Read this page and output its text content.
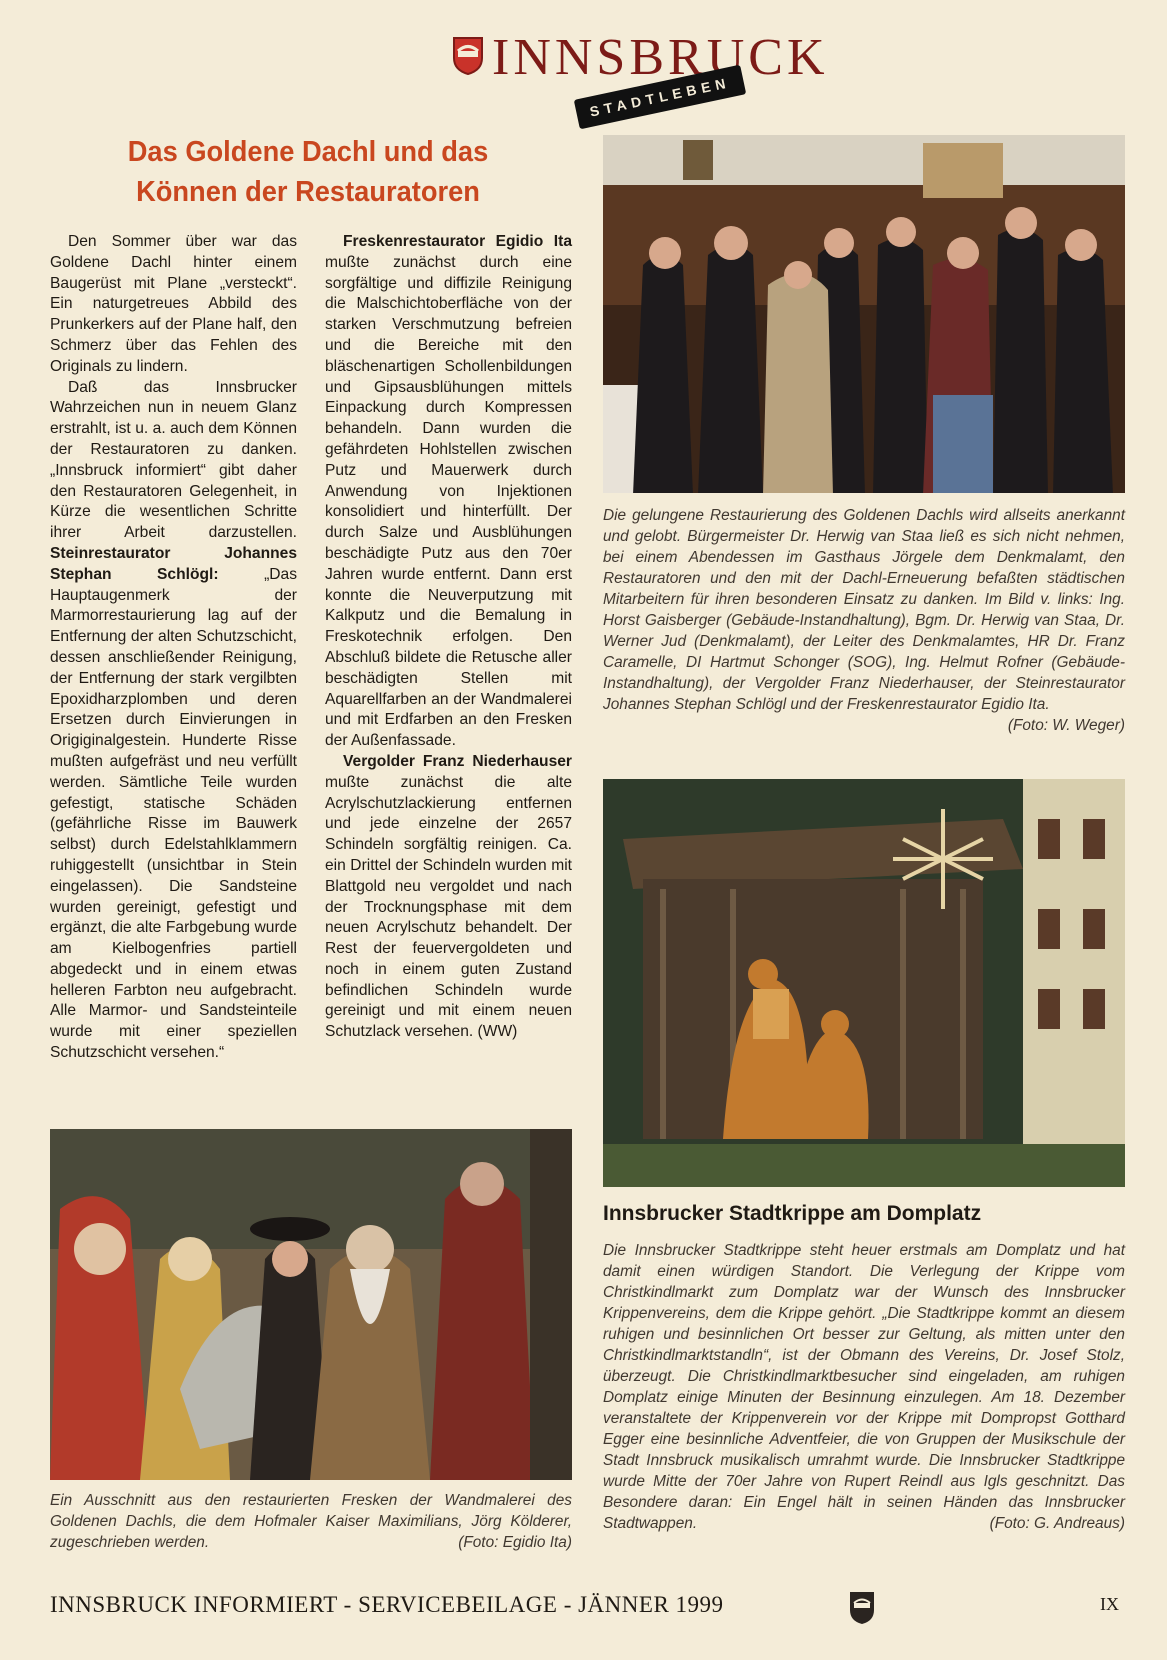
INNSBRUCK
STADTLEBEN
Das Goldene Dachl und das
Können der Restauratoren

Den Sommer über war das Goldene Dachl hinter einem Baugerüst mit Plane „versteckt“. Ein naturgetreues Abbild des Prunkerkers auf der Plane half, den Schmerz über das Fehlen des Originals zu lindern.

Daß das Innsbrucker Wahrzeichen nun in neuem Glanz erstrahlt, ist u. a. auch dem Können der Restauratoren zu danken. „Innsbruck informiert“ gibt daher den Restauratoren Gelegenheit, in Kürze die wesentlichen Schritte ihrer Arbeit darzustellen. Steinrestaurator Johannes Stephan Schlögl:	„Das Hauptaugenmerk der Marmorrestaurierung lag auf der Entfernung der alten Schutzschicht, dessen anschließender Reinigung, der Entfernung der stark vergilbten Epoxidharzplomben und deren Ersetzen durch Einvierungen in Origiginalgestein. Hunderte Risse mußten aufgefräst und neu verfüllt werden. Sämtliche Teile wurden gefestigt, statische Schäden (gefährliche Risse im Bauwerk selbst) durch Edelstahlklammern ruhiggestellt (unsichtbar in Stein eingelassen). Die Sandsteine wurden gereinigt, gefestigt und ergänzt, die alte Farbgebung wurde am Kielbogenfries partiell abgedeckt und in einem etwas helleren Farbton neu aufgebracht. Alle Marmor- und Sandsteinteile wurde mit einer speziellen Schutzschicht versehen.“

Freskenrestaurator Egidio Ita mußte zunächst durch eine sorgfältige und diffizile Reinigung die Malschichtoberfläche von der starken Verschmutzung befreien und die Bereiche mit den bläschenartigen Schollenbildungen und Gipsausblühungen mittels Einpackung durch Kompressen behandeln. Dann wurden die gefährdeten Hohlstellen zwischen Putz und Mauerwerk durch Anwendung von Injektionen konsolidiert und hinterfüllt. Der durch Salze und Ausblühungen beschädigte Putz aus den 70er Jahren wurde entfernt. Dann erst konnte die Neuverputzung mit Kalkputz und die Bemalung in Freskotechnik erfolgen. Den Abschluß bildete die Retusche aller beschädigten Stellen mit Aquarellfarben an der Wandmalerei und mit Erdfarben an den Fresken der Außenfassade.

Vergolder Franz Niederhauser mußte zunächst die alte Acrylschutzlackierung entfernen und jede einzelne der 2657 Schindeln sorgfältig reinigen. Ca. ein Drittel der Schindeln wurden mit Blattgold neu vergoldet und nach der Trocknungsphase mit dem neuen Acrylschutz behandelt. Der Rest der feuervergoldeten und noch in einem guten Zustand befindlichen Schindeln wurde gereinigt und mit einem neuen Schutzlack versehen. (WW)

Die gelungene Restaurierung des Goldenen Dachls wird allseits anerkannt und gelobt. Bürgermeister Dr. Herwig van Staa ließ es sich nicht nehmen, bei einem Abendessen im Gasthaus Jörgele dem Denkmalamt, den Restauratoren und den mit der Dachl-Erneuerung befaßten städtischen Mitarbeitern für ihren besonderen Einsatz zu danken. Im Bild v. links: Ing. Horst Gaisberger (Gebäude-Instandhaltung), Bgm. Dr. Herwig van Staa, Dr. Werner Jud (Denkmalamt), der Leiter des Denkmalamtes, HR Dr. Franz Caramelle, DI Hartmut Schonger (SOG), Ing. Helmut Rofner (Gebäude-Instandhaltung), der Vergolder Franz Niederhauser, der Steinrestaurator Johannes Stephan Schlögl und der Freskenrestaurator Egidio Ita.
(Foto: W. Weger)
Innsbrucker Stadtkrippe am Domplatz
Die Innsbrucker Stadtkrippe steht heuer erstmals am Domplatz und hat damit einen würdigen Standort. Die Verlegung der Krippe vom Christkindlmarkt zum Domplatz war der Wunsch des Innsbrucker Krippenvereins, dem die Krippe gehört. „Die Stadtkrippe kommt an diesem ruhigen und besinnlichen Ort besser zur Geltung, als mitten unter den Christkindlmarktstandln“, ist der Obmann des Vereins, Dr. Josef Stolz, überzeugt. Die Christkindlmarktbesucher sind eingeladen, am ruhigen Domplatz einige Minuten der Besinnung einzulegen. Am 18. Dezember veranstaltete der Krippenverein vor der Krippe mit Dompropst Gotthard Egger eine besinnliche Adventfeier, die von Gruppen der Musikschule der Stadt Innsbruck musikalisch umrahmt wurde. Die Innsbrucker Stadtkrippe wurde Mitte der 70er Jahre von Rupert Reindl aus Igls geschnitzt. Das Besondere daran: Ein Engel hält in seinen Händen das Innsbrucker Stadtwappen.	(Foto: G. Andreaus)
Ein Ausschnitt aus den restaurierten Fresken der Wandmalerei des Goldenen Dachls, die dem Hofmaler Kaiser Maximilians, Jörg Kölderer, zugeschrieben werden.	(Foto: Egidio Ita)
INNSBRUCK INFORMIERT - SERVICEBEILAGE - JÄNNER 1999	IX
